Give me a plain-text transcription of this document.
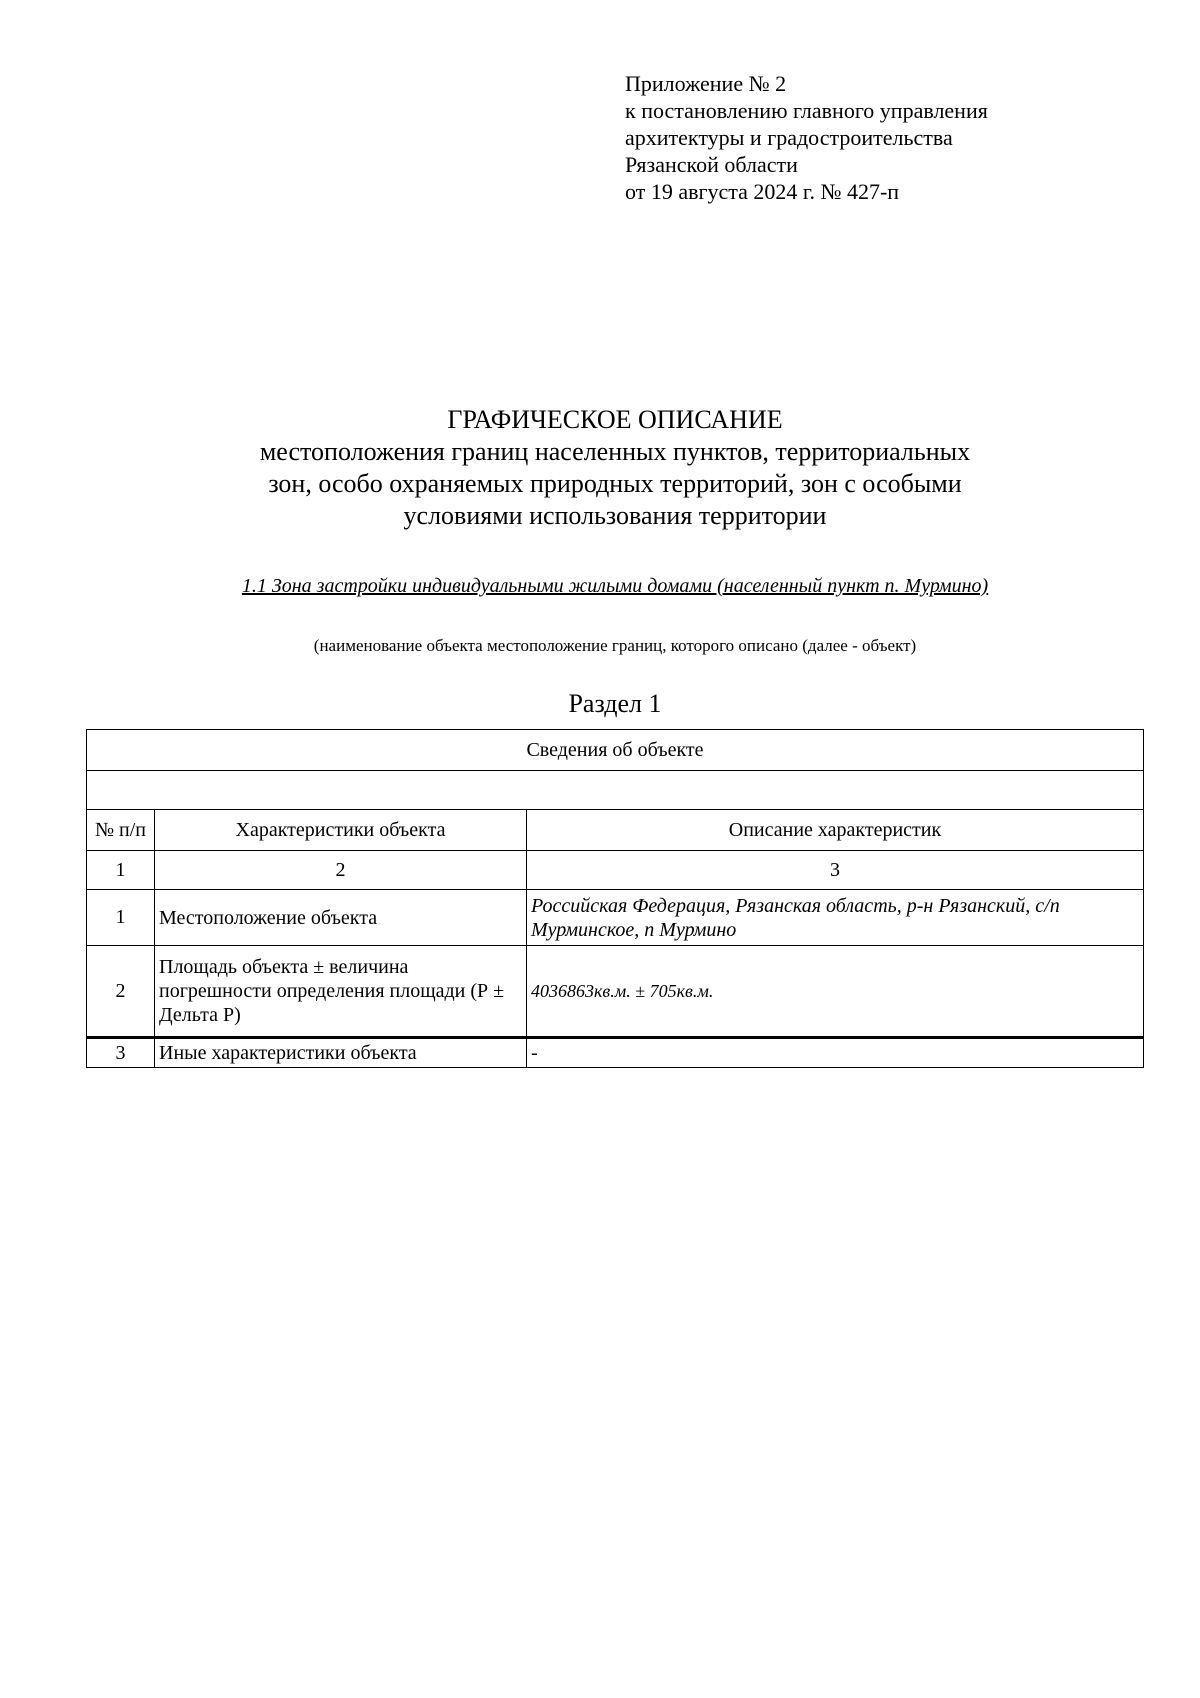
Приложение № 2
к постановлению главного управления
архитектуры и градостроительства
Рязанской области
от 19 августа 2024 г. № 427-п
ГРАФИЧЕСКОЕ ОПИСАНИЕ
местоположения границ населенных пунктов, территориальных
зон, особо охраняемых природных территорий, зон с особыми
условиями использования территории
1.1 Зона застройки индивидуальными жилыми домами (населенный пункт п. Мурмино)
(наименование объекта местоположение границ, которого описано (далее - объект)
Раздел 1
Сведения об объекте		

№ п/п	Характеристики объекта	Описание характеристик
1	2	3
1	Местоположение объекта	Российская Федерация, Рязанская область, р-н Рязанский, с/п Мурминское, п Мурмино
2	Площадь объекта ± величина погрешности определения площади (Р ± Дельта Р)	4036863кв.м. ± 705кв.м.
3	Иные характеристики объекта	-
